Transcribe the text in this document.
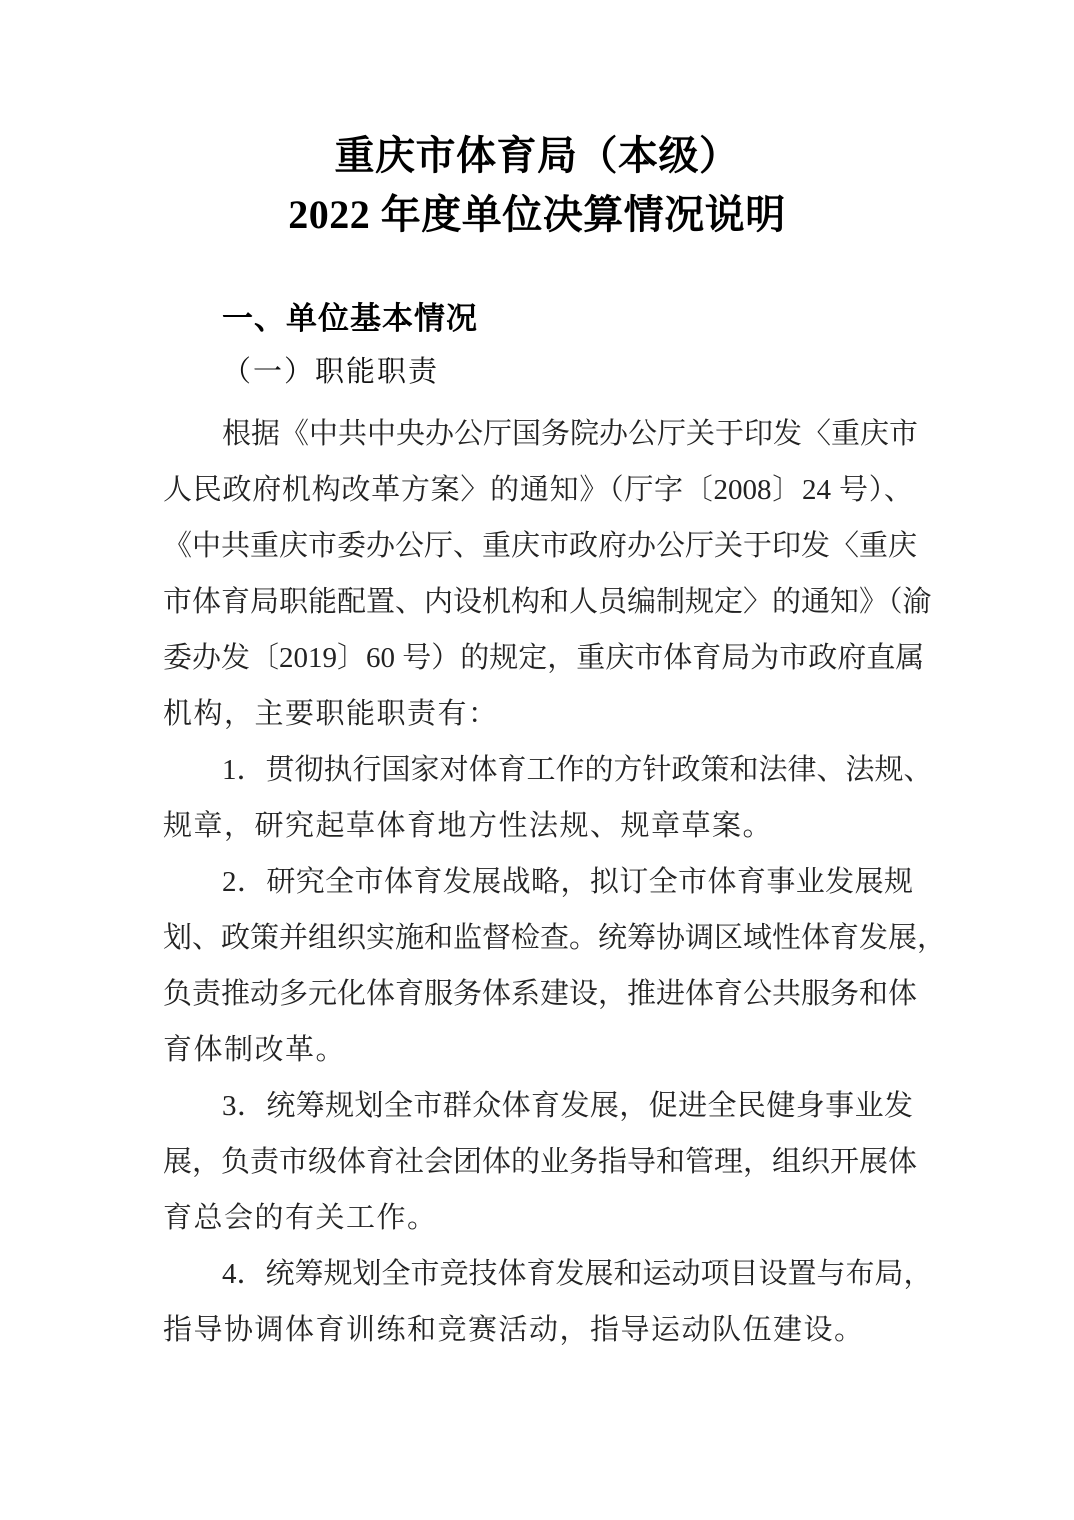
重庆市体育局（本级）
2022 年度单位决算情况说明
一、单位基本情况
（一）职能职责
根据《中共中央办公厅国务院办公厅关于印发〈重庆市
人民政府机构改革方案〉的通知》（厅字〔2008〕24 号）、
《中共重庆市委办公厅、重庆市政府办公厅关于印发〈重庆
市体育局职能配置、内设机构和人员编制规定〉的通知》（渝
委办发〔2019〕60 号）的规定，重庆市体育局为市政府直属
机构，主要职能职责有：
1．贯彻执行国家对体育工作的方针政策和法律、法规、
规章，研究起草体育地方性法规、规章草案。
2．研究全市体育发展战略，拟订全市体育事业发展规
划、政策并组织实施和监督检查。统筹协调区域性体育发展，
负责推动多元化体育服务体系建设，推进体育公共服务和体
育体制改革。
3．统筹规划全市群众体育发展，促进全民健身事业发
展，负责市级体育社会团体的业务指导和管理，组织开展体
育总会的有关工作。
4．统筹规划全市竞技体育发展和运动项目设置与布局，
指导协调体育训练和竞赛活动，指导运动队伍建设。
